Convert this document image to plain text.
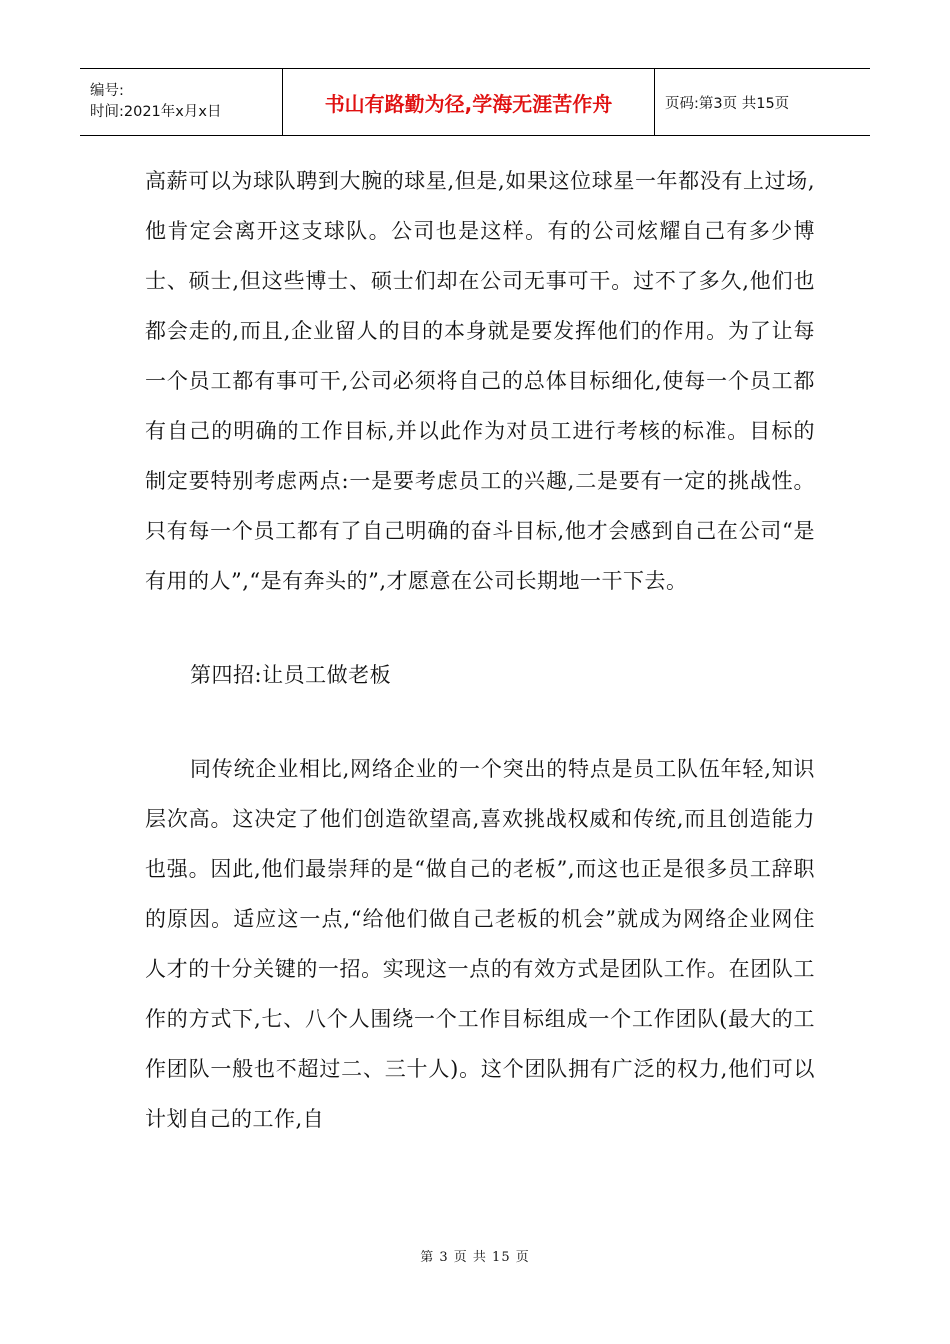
编号:
时间:2021年x月x日	书山有路勤为径,学海无涯苦作舟	页码:第3页 共15页

高薪可以为球队聘到大腕的球星,但是,如果这位球星一年都没有上过场,他肯定会离开这支球队。公司也是这样。有的公司炫耀自己有多少博士、硕士,但这些博士、硕士们却在公司无事可干。过不了多久,他们也都会走的,而且,企业留人的目的本身就是要发挥他们的作用。为了让每一个员工都有事可干,公司必须将自己的总体目标细化,使每一个员工都有自己的明确的工作目标,并以此作为对员工进行考核的标准。目标的制定要特别考虑两点:一是要考虑员工的兴趣,二是要有一定的挑战性。只有每一个员工都有了自己明确的奋斗目标,他才会感到自己在公司“是有用的人”,“是有奔头的”,才愿意在公司长期地一干下去。

第四招:让员工做老板

同传统企业相比,网络企业的一个突出的特点是员工队伍年轻,知识层次高。这决定了他们创造欲望高,喜欢挑战权威和传统,而且创造能力也强。因此,他们最崇拜的是“做自己的老板”,而这也正是很多员工辞职的原因。适应这一点,“给他们做自己老板的机会”就成为网络企业网住人才的十分关键的一招。实现这一点的有效方式是团队工作。在团队工作的方式下,七、八个人围绕一个工作目标组成一个工作团队(最大的工作团队一般也不超过二、三十人)。这个团队拥有广泛的权力,他们可以计划自己的工作,自

第 3 页 共 15 页
